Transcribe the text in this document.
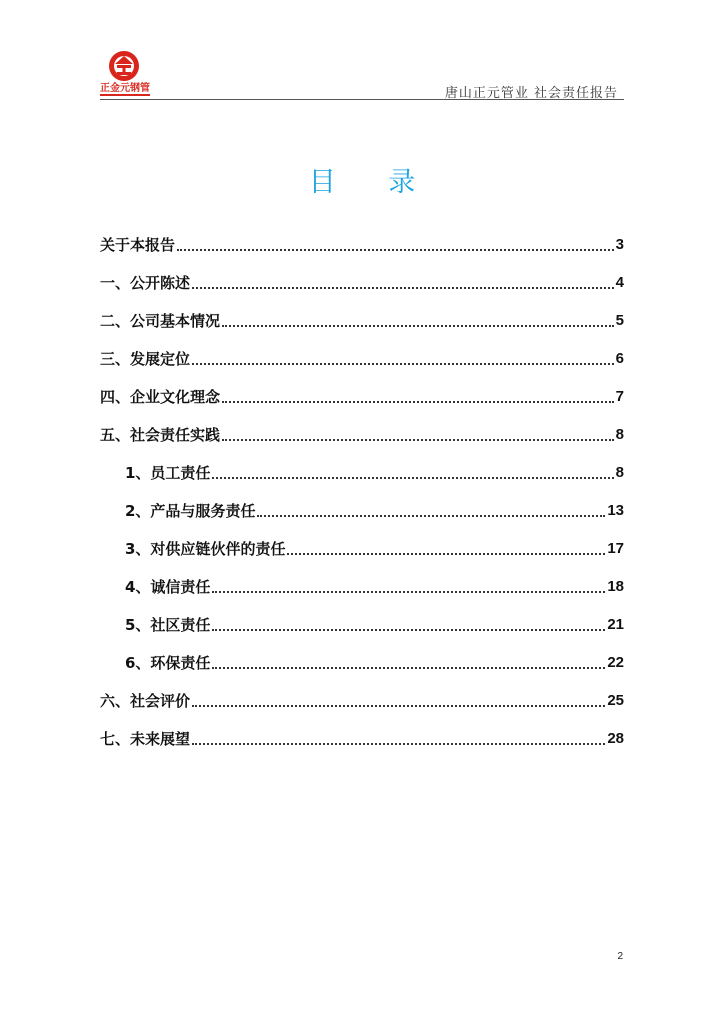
正金元钢管	唐山正元管业 社会责任报告
目 录
关于本报告	3
一、公开陈述	4
二、公司基本情况	5
三、发展定位	6
四、企业文化理念	7
五、社会责任实践	8
1、员工责任	8
2、产品与服务责任	13
3、对供应链伙伴的责任	17
4、诚信责任	18
5、社区责任	21
6、环保责任	22
六、社会评价	25
七、未来展望	28
2
